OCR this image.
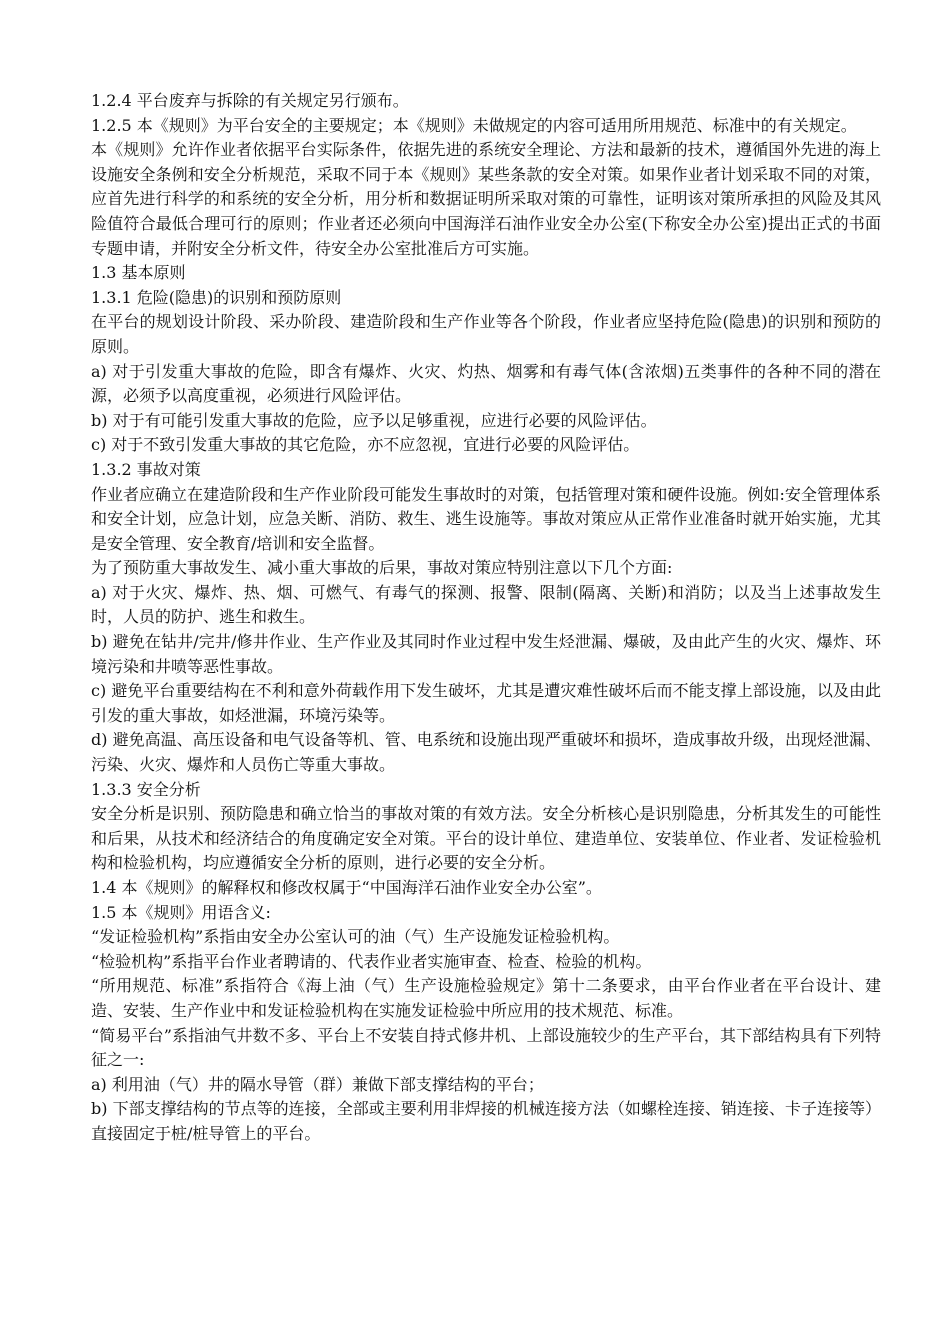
1.2.4 平台废弃与拆除的有关规定另行颁布。

1.2.5 本《规则》为平台安全的主要规定；本《规则》未做规定的内容可适用所用规范、标准中的有关规定。

本《规则》允许作业者依据平台实际条件，依据先进的系统安全理论、方法和最新的技术，遵循国外先进的海上设施安全条例和安全分析规范，采取不同于本《规则》某些条款的安全对策。如果作业者计划采取不同的对策，应首先进行科学的和系统的安全分析，用分析和数据证明所采取对策的可靠性，证明该对策所承担的风险及其风险值符合最低合理可行的原则；作业者还必须向中国海洋石油作业安全办公室(下称安全办公室)提出正式的书面专题申请，并附安全分析文件，待安全办公室批准后方可实施。

1.3 基本原则

1.3.1 危险(隐患)的识别和预防原则

在平台的规划设计阶段、采办阶段、建造阶段和生产作业等各个阶段，作业者应坚持危险(隐患)的识别和预防的原则。

a) 对于引发重大事故的危险，即含有爆炸、火灾、灼热、烟雾和有毒气体(含浓烟)五类事件的各种不同的潜在源，必须予以高度重视，必须进行风险评估。

b) 对于有可能引发重大事故的危险，应予以足够重视，应进行必要的风险评估。

c) 对于不致引发重大事故的其它危险，亦不应忽视，宜进行必要的风险评估。

1.3.2 事故对策

作业者应确立在建造阶段和生产作业阶段可能发生事故时的对策，包括管理对策和硬件设施。例如:安全管理体系和安全计划，应急计划，应急关断、消防、救生、逃生设施等。事故对策应从正常作业准备时就开始实施，尤其是安全管理、安全教育/培训和安全监督。

为了预防重大事故发生、减小重大事故的后果，事故对策应特别注意以下几个方面:

a) 对于火灾、爆炸、热、烟、可燃气、有毒气的探测、报警、限制(隔离、关断)和消防；以及当上述事故发生时，人员的防护、逃生和救生。

b) 避免在钻井/完井/修井作业、生产作业及其同时作业过程中发生烃泄漏、爆破，及由此产生的火灾、爆炸、环境污染和井喷等恶性事故。

c) 避免平台重要结构在不利和意外荷载作用下发生破坏，尤其是遭灾难性破坏后而不能支撑上部设施，以及由此引发的重大事故，如烃泄漏，环境污染等。

d) 避免高温、高压设备和电气设备等机、管、电系统和设施出现严重破坏和损坏，造成事故升级，出现烃泄漏、污染、火灾、爆炸和人员伤亡等重大事故。

1.3.3 安全分析

安全分析是识别、预防隐患和确立恰当的事故对策的有效方法。安全分析核心是识别隐患，分析其发生的可能性和后果，从技术和经济结合的角度确定安全对策。平台的设计单位、建造单位、安装单位、作业者、发证检验机构和检验机构，均应遵循安全分析的原则，进行必要的安全分析。

1.4 本《规则》的解释权和修改权属于“中国海洋石油作业安全办公室”。

1.5 本《规则》用语含义:

“发证检验机构”系指由安全办公室认可的油（气）生产设施发证检验机构。

“检验机构”系指平台作业者聘请的、代表作业者实施审查、检查、检验的机构。

“所用规范、标准”系指符合《海上油（气）生产设施检验规定》第十二条要求，由平台作业者在平台设计、建造、安装、生产作业中和发证检验机构在实施发证检验中所应用的技术规范、标准。

“简易平台”系指油气井数不多、平台上不安装自持式修井机、上部设施较少的生产平台，其下部结构具有下列特征之一:

a) 利用油（气）井的隔水导管（群）兼做下部支撑结构的平台；

b) 下部支撑结构的节点等的连接，全部或主要利用非焊接的机械连接方法（如螺栓连接、销连接、卡子连接等）直接固定于桩/桩导管上的平台。
